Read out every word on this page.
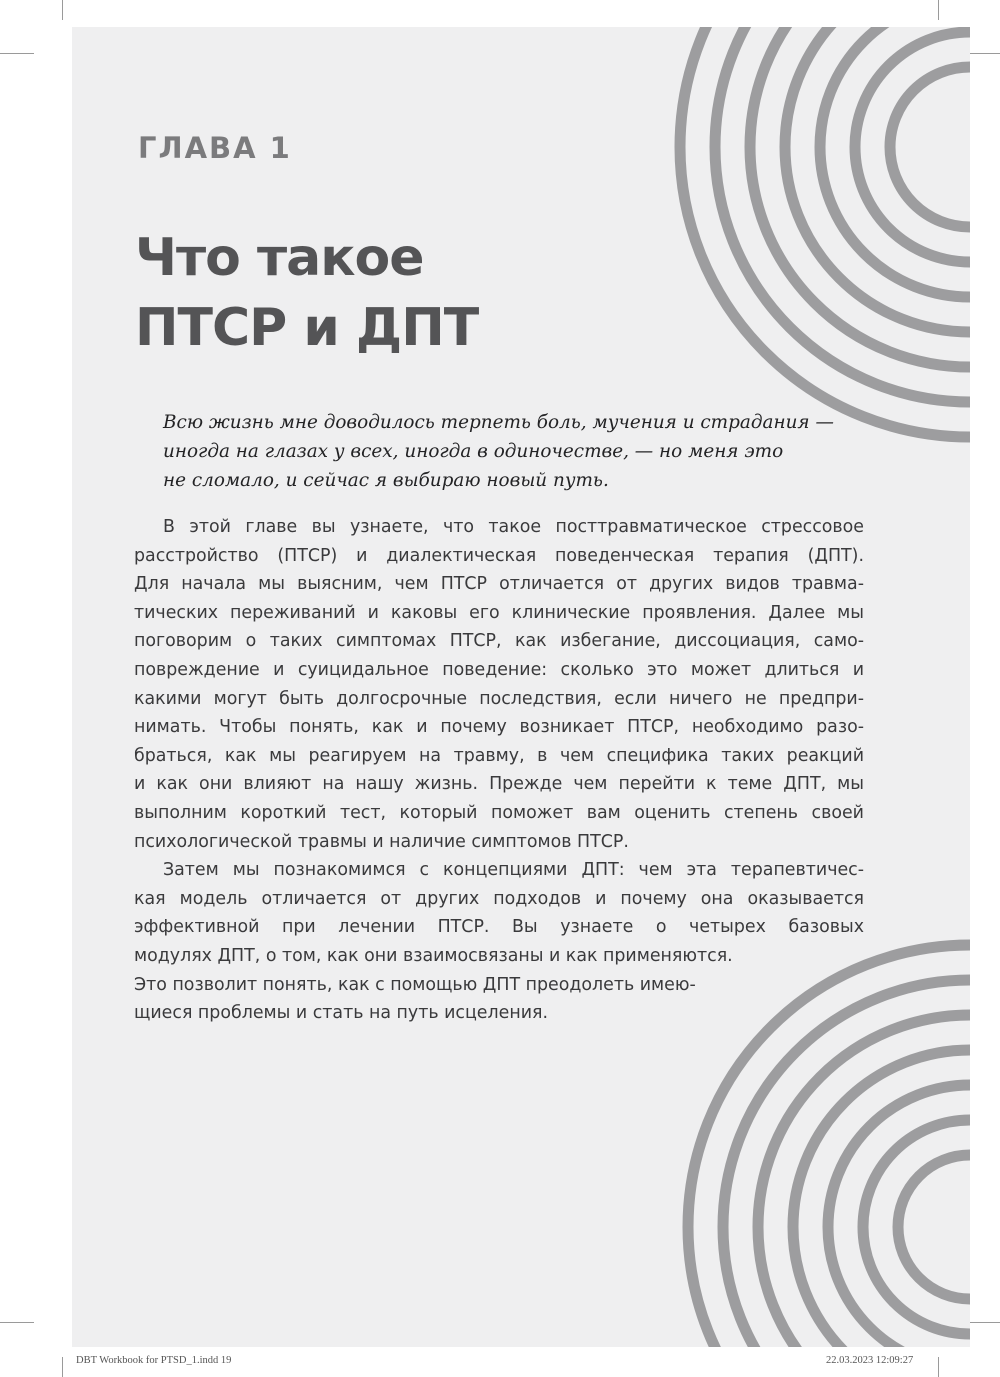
ГЛАВА 1
Что такое
ПТСР и ДПТ
Всю жизнь мне доводилось терпеть боль, мучения и страдания —
иногда на глазах у всех, иногда в одиночестве, — но меня это
не сломало, и сейчас я выбираю новый путь.
В этой главе вы узнаете, что такое посттравматическое стрессовое
расстройство (ПТСР) и диалектическая поведенческая терапия (ДПТ).
Для начала мы выясним, чем ПТСР отличается от других видов травма-
тических переживаний и каковы его клинические проявления. Далее мы
поговорим о таких симптомах ПТСР, как избегание, диссоциация, само-
повреждение и суицидальное поведение: сколько это может длиться и
какими могут быть долгосрочные последствия, если ничего не предпри-
нимать. Чтобы понять, как и почему возникает ПТСР, необходимо разо-
браться, как мы реагируем на травму, в чем специфика таких реакций
и как они влияют на нашу жизнь. Прежде чем перейти к теме ДПТ, мы
выполним короткий тест, который поможет вам оценить степень своей
психологической травмы и наличие симптомов ПТСР.
Затем мы познакомимся с концепциями ДПТ: чем эта терапевтичес-
кая модель отличается от других подходов и почему она оказывается
эффективной при лечении ПТСР. Вы узнаете о четырех базовых
модулях ДПТ, о том, как они взаимосвязаны и как применяются.
Это позволит понять, как с помощью ДПТ преодолеть имею-
щиеся проблемы и стать на путь исцеления.
DBT Workbook for PTSD_1.indd 19	22.03.2023 12:09:27
